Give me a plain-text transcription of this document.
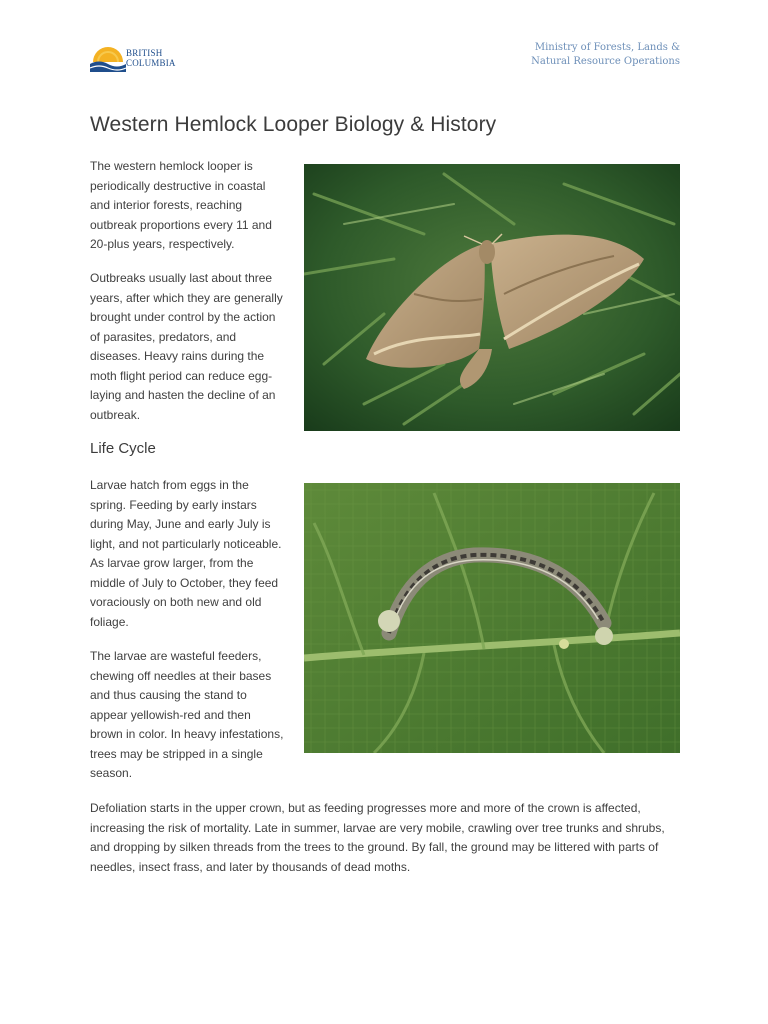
BRITISH
COLUMBIA
Ministry of Forests, Lands &
Natural Resource Operations
Western Hemlock Looper Biology & History

The western hemlock looper is periodically destructive in coastal and interior forests, reaching outbreak proportions every 11 and 20-plus years, respectively.

Outbreaks usually last about three years, after which they are generally brought under control by the action of parasites, predators, and diseases. Heavy rains during the moth flight period can reduce egg-laying and hasten the decline of an outbreak.

Life Cycle

Larvae hatch from eggs in the spring. Feeding by early instars during May, June and early July is light, and not particularly noticeable. As larvae grow larger, from the middle of July to October, they feed voraciously on both new and old foliage.

The larvae are wasteful feeders, chewing off needles at their bases and thus causing the stand to appear yellowish-red and then brown in color. In heavy infestations, trees may be stripped in a single season.

Defoliation starts in the upper crown, but as feeding progresses more and more of the crown is affected, increasing the risk of mortality. Late in summer, larvae are very mobile, crawling over tree trunks and shrubs, and dropping by silken threads from the trees to the ground. By fall, the ground may be littered with parts of needles, insect frass, and later by thousands of dead moths.
